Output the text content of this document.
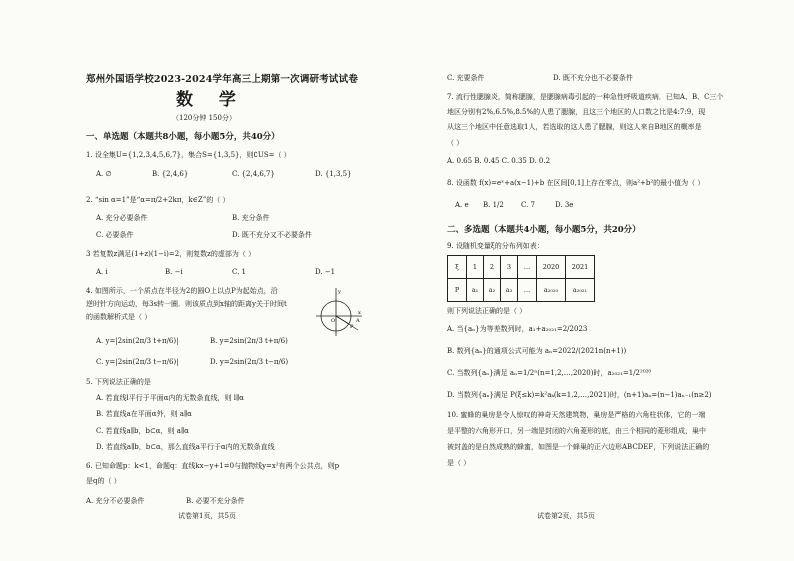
郑州外国语学校2023-2024学年高三上期第一次调研考试试卷
数 学
（120分钟 150分）
一、单选题（本题共8小题，每小题5分，共40分）
1. 设全集U={1,2,3,4,5,6,7}，集合S={1,3,5}，则∁US=（ ）
A. ∅	B. {2,4,6}	C. {2,4,6,7}	D. {1,3,5}
2. “sin α=1”是“α=π/2+2kπ，k∈Z”的（ ）
A. 充分必要条件	B. 充分条件
C. 必要条件	D. 既不充分又不必要条件
3 若复数z满足(1+z)(1−i)=2，则复数z的虚部为（ ）
A. i	B. −i	C. 1	D. −1
4. 如图所示，一个质点在半径为2的圆O上以点P为起始点，沿
逆时针方向运动，每3s转一圈．则该质点到x轴的距离y关于时间t
的函数解析式是（ ）
y
x
P
O	A
A. y=|2sin(2π/3 t+π/6)|	B. y=2sin(2π/3 t+π/6)
C. y=|2sin(2π/3 t−π/6)|	D. y=2sin(2π/3 t−π/6)
5. 下列说法正确的是
A. 若直线l平行于平面α内的无数条直线，则 l∥α
B. 若直线a在平面α外，则 a∥α
C. 若直线a∥b，b⊂α，则 a∥α
D. 若直线a∥b，b⊂α，那么直线a平行于α内的无数条直线
6. 已知命题p：k<1，命题q：直线kx−y+1=0与抛物线y=x²有两个公共点，则p
是q的（ ）
A. 充分不必要条件	B. 必要不充分条件
试卷第1页，共5页
C. 充要条件	D. 既不充分也不必要条件
7. 流行性腮腺炎，简称腮腺，是腮腺病毒引起的一种急性呼吸道疾病．已知A、B、C三个
地区分别有2%,6.5%,8.5%的人患了腮腺，且这三个地区的人口数之比是4:7:9，现
从这三个地区中任意选取1人，若选取的这人患了腮腺，则这人来自B地区的概率是
（ ）
A. 0.65 B. 0.45 C. 0.35 D. 0.2
8. 设函数 f(x)=eˣ+a(x−1)+b 在区间[0,1]上存在零点，则a²+b²的最小值为（ ）
A. e B. 1/2 C. 7	D. 3e
二、多选题（本题共4小题，每小题5分，共20分）
9. 设随机变量ξ的分布列如表：
ξ	1	2	3	…	2020	2021
P	a₁	a₂	a₃	…	a₂₀₂₀	a₂₀₂₁
则下列说法正确的是（ ）
A. 当{aₙ}为等差数列时，a₁+a₂₀₂₁=2/2023
B. 数列{aₙ}的通项公式可能为 aₙ=2022/(2021n(n+1))
C. 当数列{aₙ}满足 aₙ=1/2ⁿ(n=1,2,…,2020)时，a₂₀₂₁=1/2²⁰²⁰
D. 当数列{aₙ}满足 P(ξ≤k)=k²aₖ(k=1,2,…,2021)时，(n+1)aₙ=(n−1)aₙ₋₁(n≥2)
10. 蜜蜂的巢房是令人惊叹的神奇天然建筑物，巢房是严格的六角柱状体，它的一端
是平整的六角形开口，另一端是封闭的六角菱形的底，由三个相同的菱形组成，巢中
被封盖的是自然成熟的蜂蜜，如图是一个蜂巢的正六边形ABCDEF，下列说法正确的
是（ ）
试卷第2页，共5页
